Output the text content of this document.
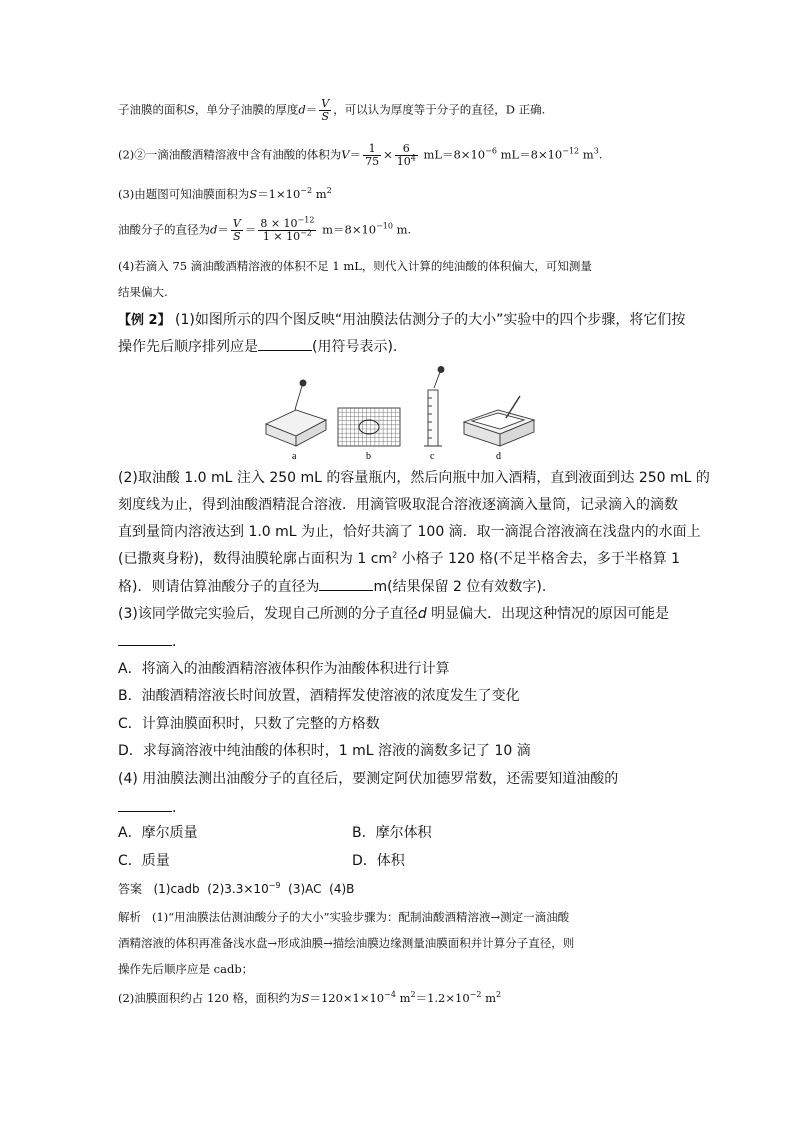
子油膜的面积S，单分子油膜的厚度$d= \frac{V}{S}$ ，可以认为厚度等于分子的直径，D 正确.
(2)②一滴油酸酒精溶液中含有油酸的体积为$V= \frac{1}{75} \times \frac{6}{10^4} mL=8\times 10^{-6}$ $mL=8\times 10^{-12}$ $m^3$.
(3)由题图可知油膜面积为$S=1\times 10^{-2}$ $m^2$
油酸分子的直径为$d= \frac{V}{S} = \frac{8 \times 10^{-12}}{1 \times 10^{-2}} m=8\times 10^{-10}$ m.
(4)若滴入 75 滴油酸酒精溶液的体积不足 1 mL，则代入计算的纯油酸的体积偏大，可知测量
结果偏大.
【例 2】 (1)如图所示的四个图反映“用油膜法估测分子的大小”实验中的四个步骤，将它们按
操作先后顺序排列应是	(用符号表示).
a	b	c	d
(2)取油酸 1.0 mL 注入 250 mL 的容量瓶内，然后向瓶中加入酒精，直到液面到达 250 mL 的
刻度线为止，得到油酸酒精混合溶液．用滴管吸取混合溶液逐滴滴入量筒，记录滴入的滴数
直到量筒内溶液达到 1.0 mL 为止，恰好共滴了 100 滴．取一滴混合溶液滴在浅盘内的水面上
(已撒爽身粉)，数得油膜轮廓占面积为 1 $cm^2$ 小格子 120 格(不足半格舍去，多于半格算 1
格)．则请估算油酸分子的直径为	m(结果保留 2 位有效数字).
(3)该同学做完实验后，发现自己所测的分子直径d 明显偏大．出现这种情况的原因可能是
.
A．将滴入的油酸酒精溶液体积作为油酸体积进行计算
B．油酸酒精溶液长时间放置，酒精挥发使溶液的浓度发生了变化
C．计算油膜面积时，只数了完整的方格数
D．求每滴溶液中纯油酸的体积时，1 mL 溶液的滴数多记了 10 滴
(4) 用油膜法测出油酸分子的直径后，要测定阿伏加德罗常数，还需要知道油酸的
.
A．摩尔质量	B．摩尔体积
C．质量	D．体积
答案 (1)cadb $(2)3.3\times 10^{-9}$ (3)AC (4)B
解析 (1)“用油膜法估测油酸分子的大小”实验步骤为：配制油酸酒精溶液→测定一滴油酸
酒精溶液的体积再准备浅水盘→形成油膜→描绘油膜边缘测量油膜面积并计算分子直径，则
操作先后顺序应是 cadb；
(2)油膜面积约占 120 格，面积约为$S=120\times 1\times 10^{-4}$ $m^2=1.2\times 10^{-2}$ $m^2$
